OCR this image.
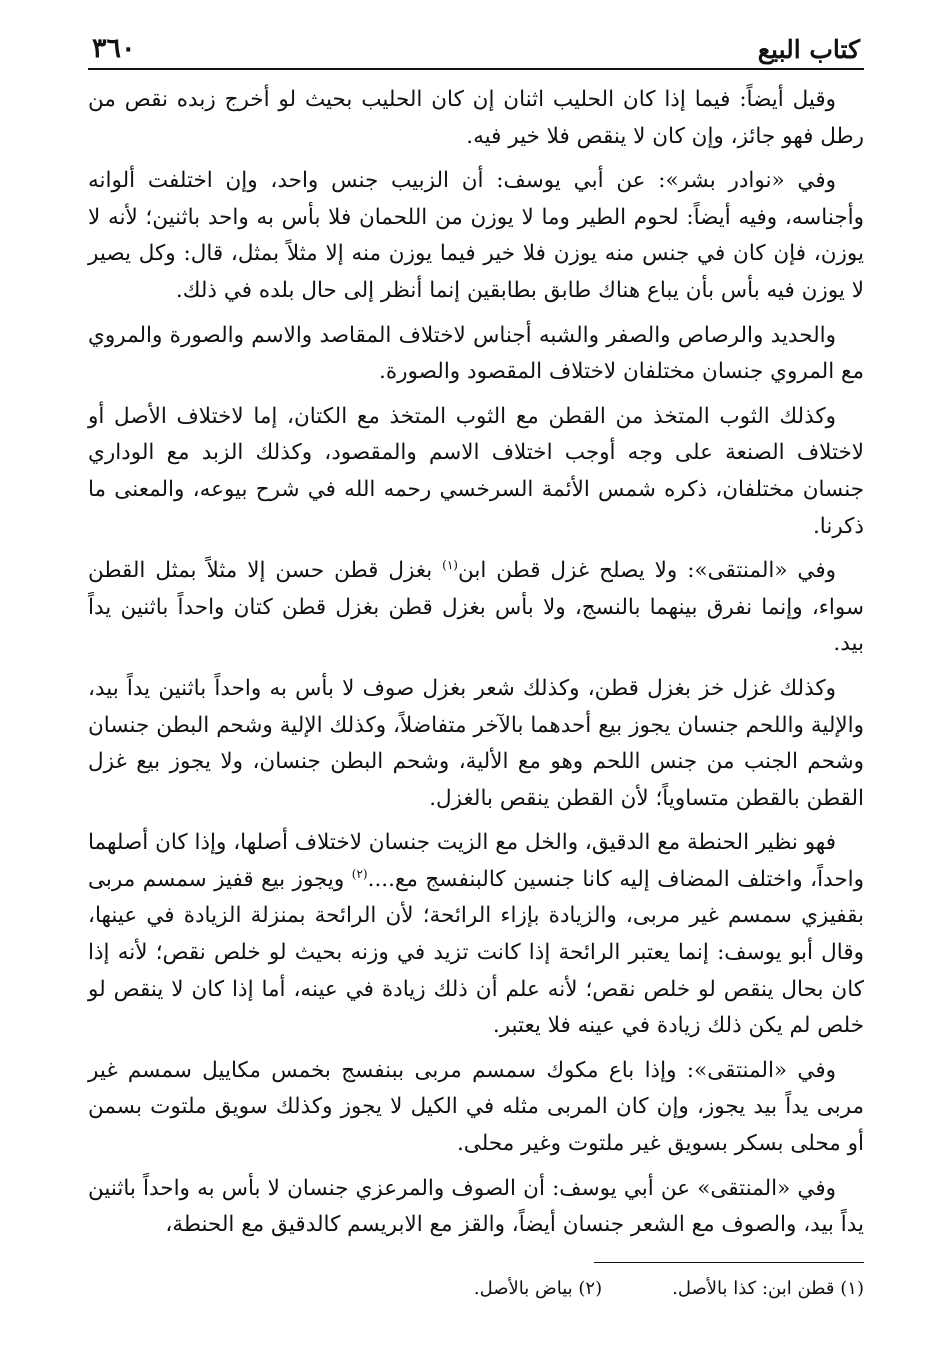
كتاب البيع
٣٦٠

وقيل أيضاً: فيما إذا كان الحليب اثنان إن كان الحليب بحيث لو أخرج زبده نقص من رطل فهو جائز، وإن كان لا ينقص فلا خير فيه.

وفي «نوادر بشر»: عن أبي يوسف: أن الزبيب جنس واحد، وإن اختلفت ألوانه وأجناسه، وفيه أيضاً: لحوم الطير وما لا يوزن من اللحمان فلا بأس به واحد باثنين؛ لأنه لا يوزن، فإن كان في جنس منه يوزن فلا خير فيما يوزن منه إلا مثلاً بمثل، قال: وكل يصير لا يوزن فيه بأس بأن يباع هناك طابق بطابقين إنما أنظر إلى حال بلده في ذلك.

والحديد والرصاص والصفر والشبه أجناس لاختلاف المقاصد والاسم والصورة والمروي مع المروي جنسان مختلفان لاختلاف المقصود والصورة.

وكذلك الثوب المتخذ من القطن مع الثوب المتخذ مع الكتان، إما لاختلاف الأصل أو لاختلاف الصنعة على وجه أوجب اختلاف الاسم والمقصود، وكذلك الزبد مع الوداري جنسان مختلفان، ذكره شمس الأئمة السرخسي رحمه الله في شرح بيوعه، والمعنى ما ذكرنا.

وفي «المنتقى»: ولا يصلح غزل قطن ابن$^{(١)}$ بغزل قطن حسن إلا مثلاً بمثل القطن سواء، وإنما نفرق بينهما بالنسج، ولا بأس بغزل قطن بغزل قطن كتان واحداً باثنين يداً بيد.

وكذلك غزل خز بغزل قطن، وكذلك شعر بغزل صوف لا بأس به واحداً باثنين يداً بيد، والإلية واللحم جنسان يجوز بيع أحدهما بالآخر متفاضلاً، وكذلك الإلية وشحم البطن جنسان وشحم الجنب من جنس اللحم وهو مع الألية، وشحم البطن جنسان، ولا يجوز بيع غزل القطن بالقطن متساوياً؛ لأن القطن ينقص بالغزل.

فهو نظير الحنطة مع الدقيق، والخل مع الزيت جنسان لاختلاف أصلها، وإذا كان أصلهما واحداً، واختلف المضاف إليه كانا جنسين كالبنفسج مع....$^{(٢)}$ ويجوز بيع قفيز سمسم مربى بقفيزي سمسم غير مربى، والزيادة بإزاء الرائحة؛ لأن الرائحة بمنزلة الزيادة في عينها، وقال أبو يوسف: إنما يعتبر الرائحة إذا كانت تزيد في وزنه بحيث لو خلص نقص؛ لأنه إذا كان بحال ينقص لو خلص نقص؛ لأنه علم أن ذلك زيادة في عينه، أما إذا كان لا ينقص لو خلص لم يكن ذلك زيادة في عينه فلا يعتبر.

وفي «المنتقى»: وإذا باع مكوك سمسم مربى ببنفسج بخمس مكاييل سمسم غير مربى يداً بيد يجوز، وإن كان المربى مثله في الكيل لا يجوز وكذلك سويق ملتوت بسمن أو محلى بسكر بسويق غير ملتوت وغير محلى.

وفي «المنتقى» عن أبي يوسف: أن الصوف والمرعزي جنسان لا بأس به واحداً باثنين يداً بيد، والصوف مع الشعر جنسان أيضاً، والقز مع الابريسم كالدقيق مع الحنطة،

(١) قطن ابن: كذا بالأصل.
(٢) بياض بالأصل.
